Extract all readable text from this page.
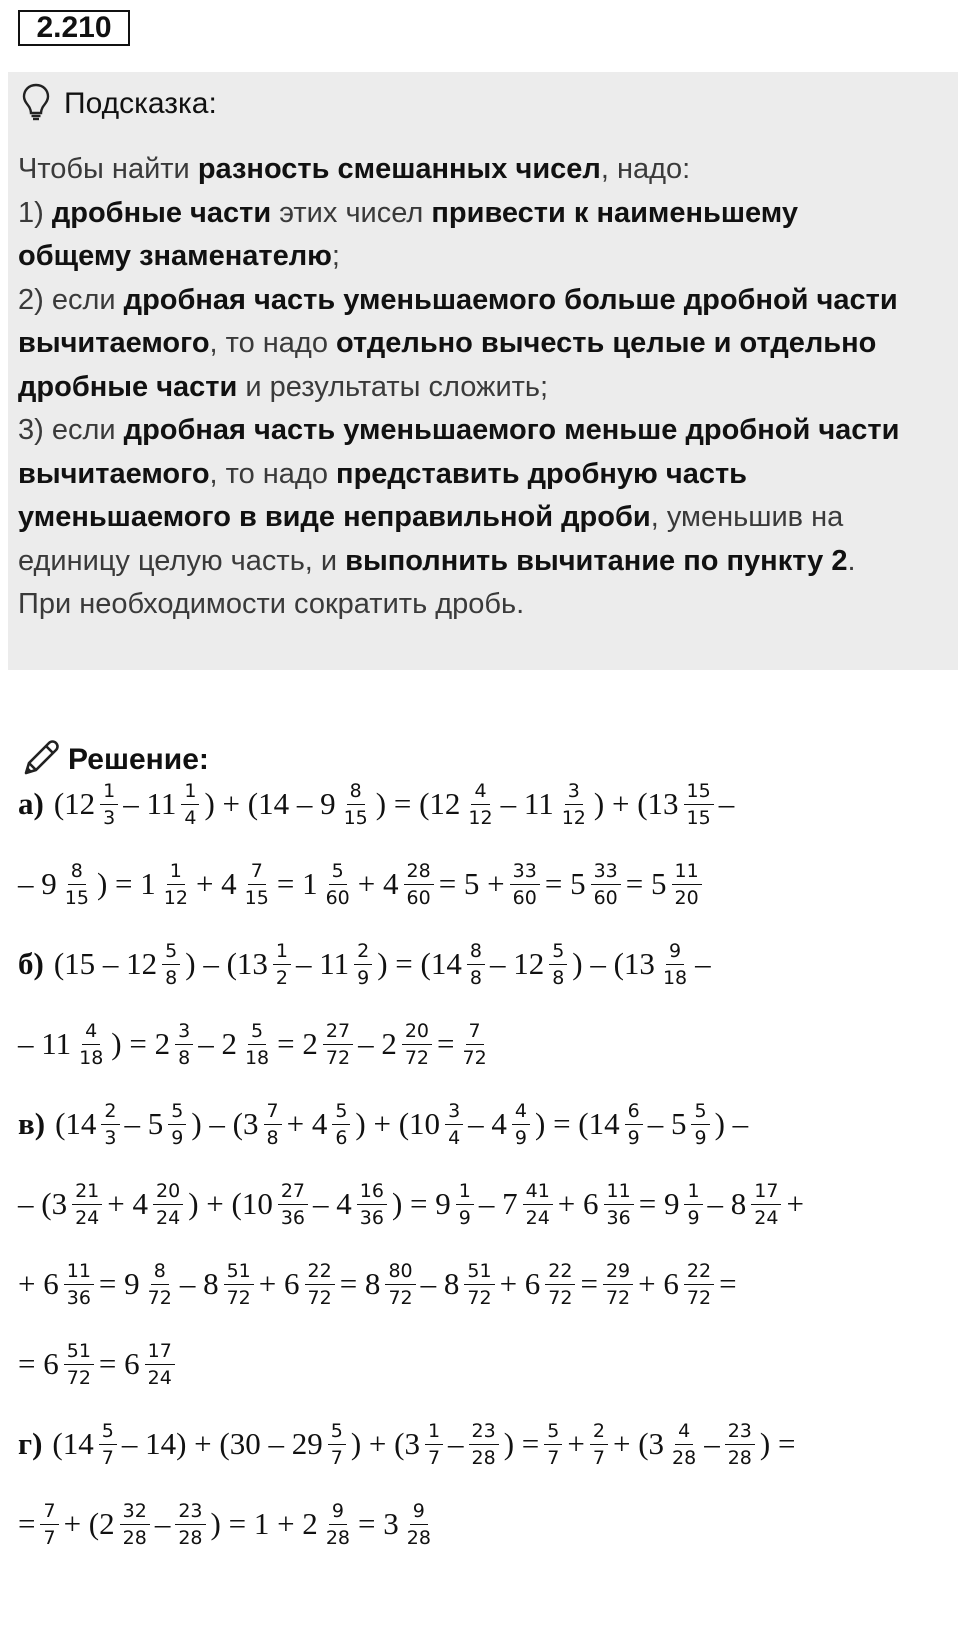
2.210
Подсказка:
Чтобы найти разность смешанных чисел, надо:
1) дробные части этих чисел привести к наименьшему
общему знаменателю;
2) если дробная часть уменьшаемого больше дробной части
вычитаемого, то надо отдельно вычесть целые и отдельно
дробные части и результаты сложить;
3) если дробная часть уменьшаемого меньше дробной части
вычитаемого, то надо представить дробную часть
уменьшаемого в виде неправильной дроби, уменьшив на
единицу целую часть, и выполнить вычитание по пункту 2.
При необходимости сократить дробь.
Решение:
а) ($12 \frac{1}{3} - 11 \frac{1}{4}$ ) + ($14 - 9 \frac{8}{15}$ ) = ($12 \frac{4}{12} - 11 \frac{3}{12}$ ) + ($13 \frac{15}{15}$ –
– $9 \frac{8}{15}$ ) = $1 \frac{1}{12} + 4 \frac{7}{15} = 1 \frac{5}{60} + 4 \frac{28}{60} = 5 + \frac{33}{60} = 5 \frac{33}{60} = 5 \frac{11}{20}$
б) ($15 - 12 \frac{5}{8}$ ) – ($13 \frac{1}{2} - 11 \frac{2}{9}$ ) = ($14 \frac{8}{8} - 12 \frac{5}{8}$ ) – ($13 \frac{9}{18}$ –
– $11 \frac{4}{18}$ ) = $2 \frac{3}{8} - 2 \frac{5}{18} = 2 \frac{27}{72} - 2 \frac{20}{72} = \frac{7}{72}$
в) ($14 \frac{2}{3} - 5 \frac{5}{9}$ ) – ($3 \frac{7}{8} + 4 \frac{5}{6}$ ) + ($10 \frac{3}{4} - 4 \frac{4}{9}$ ) = ($14 \frac{6}{9} - 5 \frac{5}{9}$ ) –
– ($3 \frac{21}{24} + 4 \frac{20}{24}$ ) + ($10 \frac{27}{36} - 4 \frac{16}{36}$ ) = $9 \frac{1}{9} - 7 \frac{41}{24} + 6 \frac{11}{36} = 9 \frac{1}{9} - 8 \frac{17}{24}$ +
+ $6 \frac{11}{36} = 9 \frac{8}{72} - 8 \frac{51}{72} + 6 \frac{22}{72} = 8 \frac{80}{72} - 8 \frac{51}{72} + 6 \frac{22}{72} = \frac{29}{72} + 6 \frac{22}{72}$ =
= $6 \frac{51}{72} = 6 \frac{17}{24}$
г) $(14 \frac{5}{7} - 14) + (30 - 29 \frac{5}{7}$ ) + ($3 \frac{1}{7} - \frac{23}{28}$ ) = $\frac{5}{7} + \frac{2}{7} + (3 \frac{4}{28} - \frac{23}{28}$ ) =
= $\frac{7}{7} + (2 \frac{32}{28} - \frac{23}{28}$ ) = $1 + 2 \frac{9}{28} = 3 \frac{9}{28}$
